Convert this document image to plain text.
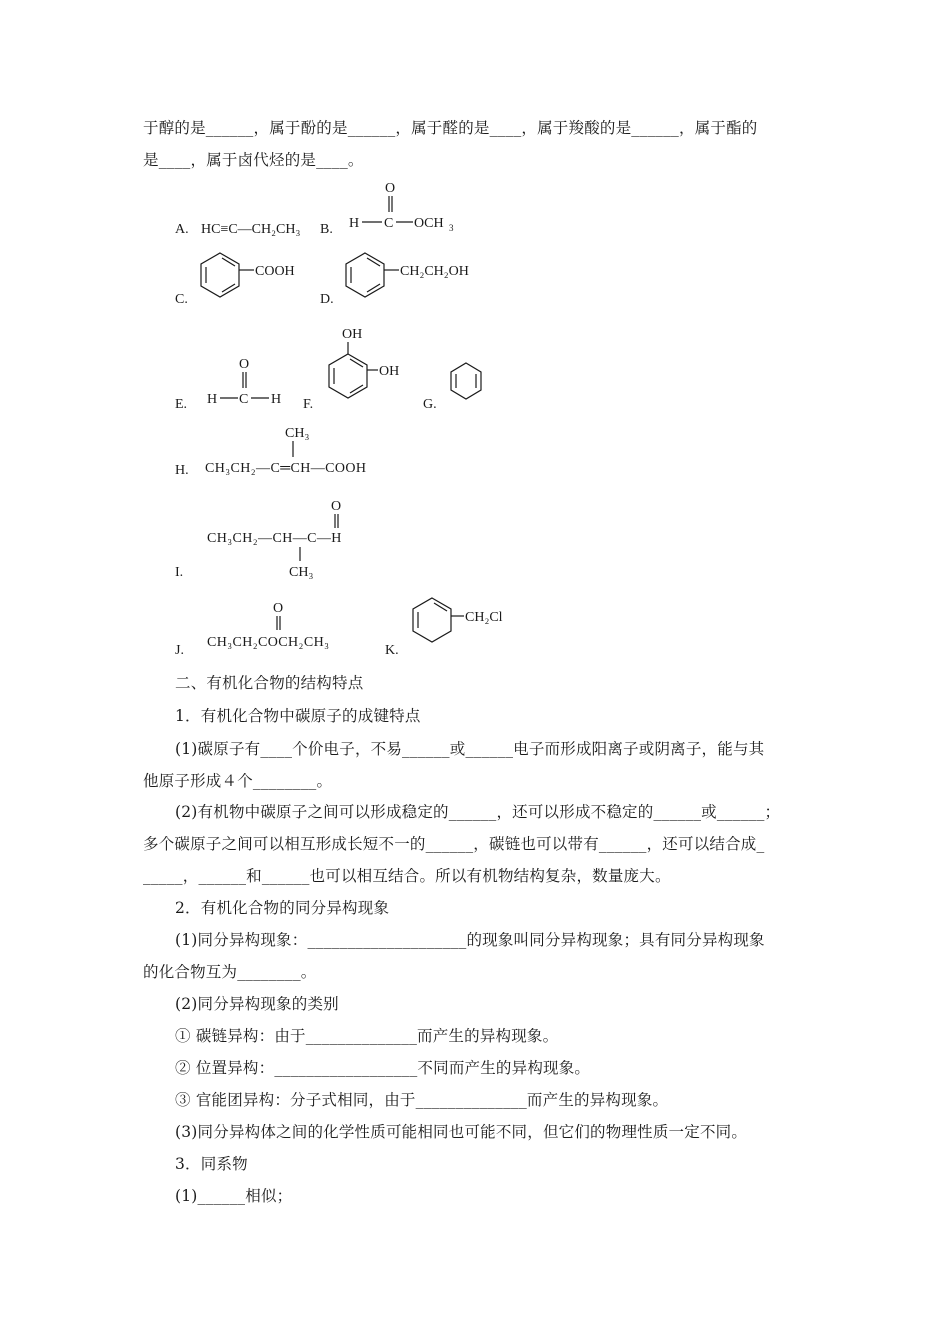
于醇的是______，属于酚的是______，属于醛的是____，属于羧酸的是______，属于酯的
是____，属于卤代烃的是____。
A. HC≡C—CH₂CH₃ B.
O
H C OCH 3
C.
COOH
D.
CH₂CH₂OH
E.
O
H C H F.
OH
OH
G.
H.
CH₃
CH₃CH₂—C═CH—COOH
I.
O
CH₃CH₂—CH—C—H
CH₃
J.
O
CH₃CH₂COCH₂CH₃
K.
CH₂Cl
二、有机化合物的结构特点
1．有机化合物中碳原子的成键特点
(1)碳原子有____个价电子，不易______或______电子而形成阳离子或阴离子，能与其
他原子形成４个________。
(2)有机物中碳原子之间可以形成稳定的______，还可以形成不稳定的______或______；
多个碳原子之间可以相互形成长短不一的______，碳链也可以带有______，还可以结合成_
_____，______和______也可以相互结合。所以有机物结构复杂，数量庞大。
2．有机化合物的同分异构现象
(1)同分异构现象：____________________的现象叫同分异构现象；具有同分异构现象
的化合物互为________。
(2)同分异构现象的类别
① 碳链异构：由于______________而产生的异构现象。
② 位置异构：__________________不同而产生的异构现象。
③ 官能团异构：分子式相同，由于______________而产生的异构现象。
(3)同分异构体之间的化学性质可能相同也可能不同，但它们的物理性质一定不同。
3．同系物
(1)______相似；
